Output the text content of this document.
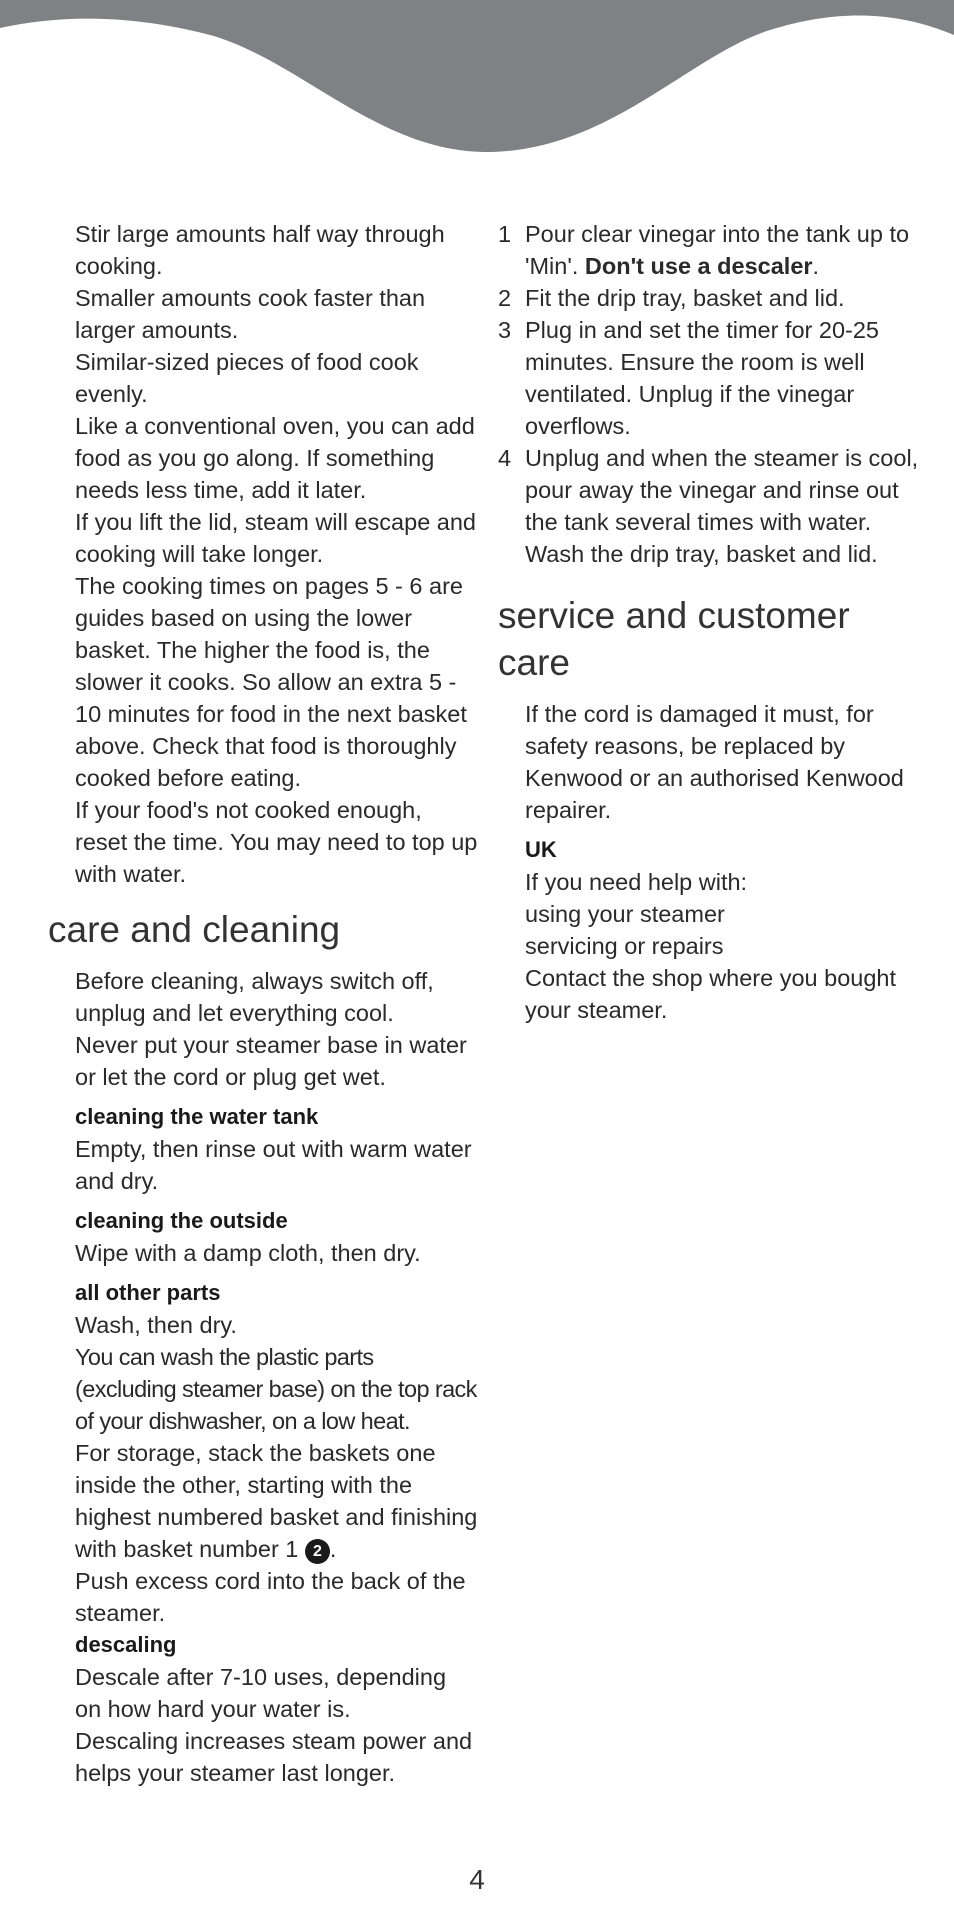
Stir large amounts half way through cooking.

Smaller amounts cook faster than larger amounts.

Similar-sized pieces of food cook evenly.

Like a conventional oven, you can add food as you go along. If something needs less time, add it later.

If you lift the lid, steam will escape and cooking will take longer.

The cooking times on pages 5 - 6 are guides based on using the lower basket. The higher the food is, the slower it cooks. So allow an extra 5 - 10 minutes for food in the next basket above. Check that food is thoroughly cooked before eating.

If your food's not cooked enough, reset the time. You may need to top up with water.

care and cleaning

Before cleaning, always switch off, unplug and let everything cool.

Never put your steamer base in water or let the cord or plug get wet.

cleaning the water tank

Empty, then rinse out with warm water and dry.

cleaning the outside

Wipe with a damp cloth, then dry.

all other parts

Wash, then dry.

You can wash the plastic parts (excluding steamer base) on the top rack of your dishwasher, on a low heat.

For storage, stack the baskets one inside the other, starting with the highest numbered basket and finishing with basket number 1 2 .

Push excess cord into the back of the steamer.

descaling

Descale after 7-10 uses, depending on how hard your water is.

Descaling increases steam power and helps your steamer last longer.

1 Pour clear vinegar into the tank up to 'Min'. Don't use a descaler.
2 Fit the drip tray, basket and lid.
3 Plug in and set the timer for 20-25 minutes. Ensure the room is well ventilated. Unplug if the vinegar overflows.
4 Unplug and when the steamer is cool, pour away the vinegar and rinse out the tank several times with water. Wash the drip tray, basket and lid.
service and customer care

If the cord is damaged it must, for safety reasons, be replaced by Kenwood or an authorised Kenwood repairer.

UK

If you need help with:

using your steamer

servicing or repairs

Contact the shop where you bought your steamer.

4
